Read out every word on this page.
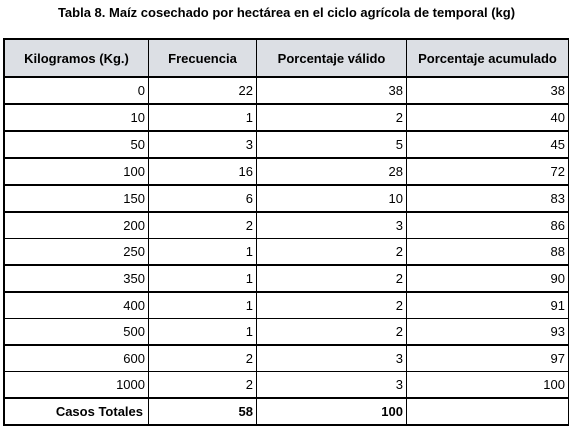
Tabla 8. Maíz cosechado por hectárea en el ciclo agrícola de temporal (kg)
Kilogramos (Kg.)	Frecuencia	Porcentaje válido	Porcentaje acumulado
0	22	38	38
10	1	2	40
50	3	5	45
100	16	28	72
150	6	10	83
200	2	3	86
250	1	2	88
350	1	2	90
400	1	2	91
500	1	2	93
600	2	3	97
1000	2	3	100
Casos Totales	58	100	
